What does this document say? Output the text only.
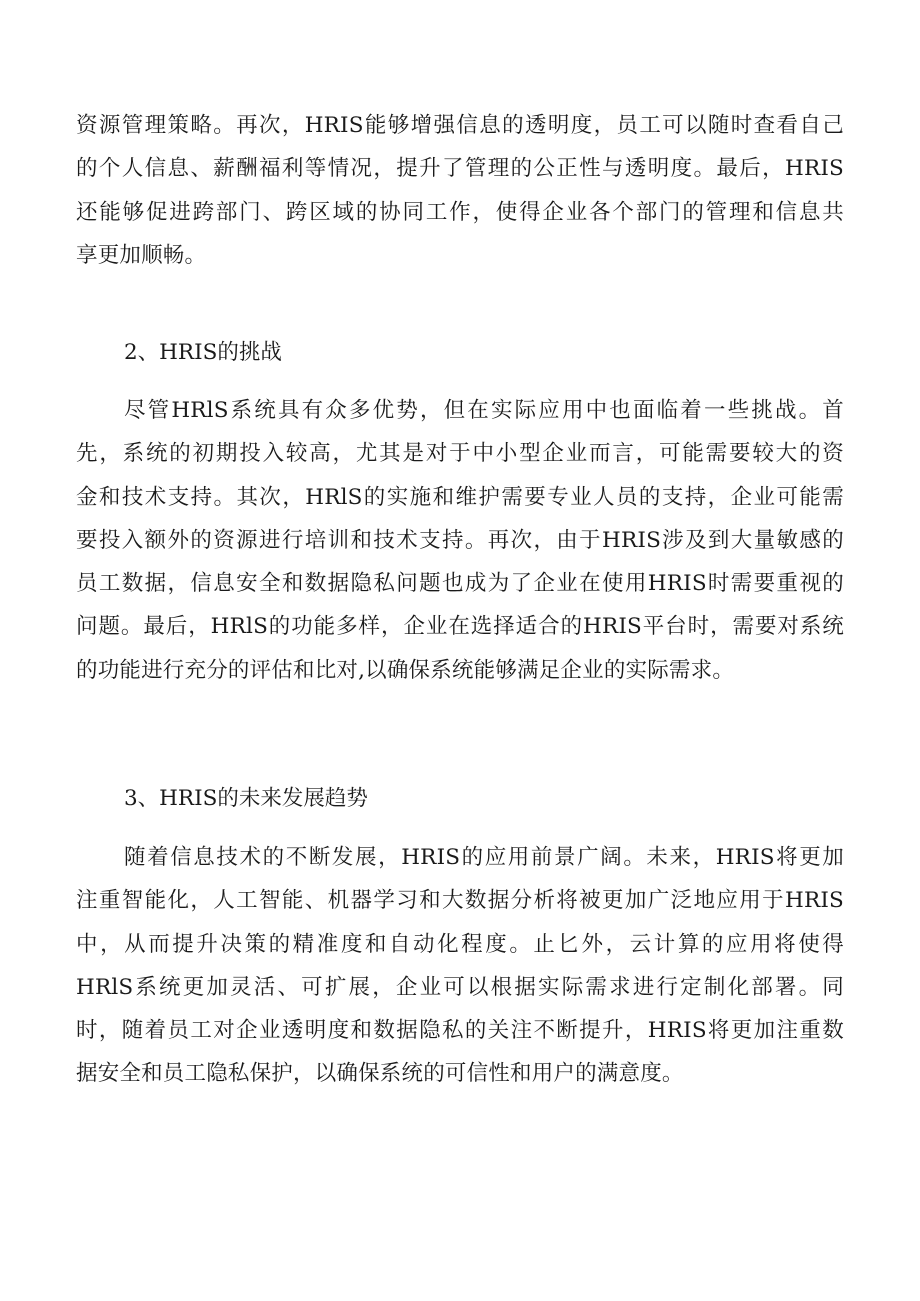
资源管理策略。再次，HRIS能够增强信息的透明度，员工可以随时查看自己
的个人信息、薪酬福利等情况，提升了管理的公正性与透明度。最后，HRIS
还能够促进跨部门、跨区域的协同工作，使得企业各个部门的管理和信息共
享更加顺畅。
2、HRIS的挑战
尽管HRlS系统具有众多优势，但在实际应用中也面临着一些挑战。首
先，系统的初期投入较高，尤其是对于中小型企业而言，可能需要较大的资
金和技术支持。其次，HRlS的实施和维护需要专业人员的支持，企业可能需
要投入额外的资源进行培训和技术支持。再次，由于HRIS涉及到大量敏感的
员工数据，信息安全和数据隐私问题也成为了企业在使用HRIS时需要重视的
问题。最后，HRlS的功能多样，企业在选择适合的HRIS平台时，需要对系统
的功能进行充分的评估和比对,以确保系统能够满足企业的实际需求。
3、HRIS的未来发展趋势
随着信息技术的不断发展，HRIS的应用前景广阔。未来，HRIS将更加
注重智能化，人工智能、机器学习和大数据分析将被更加广泛地应用于HRIS
中，从而提升决策的精准度和自动化程度。止匕外，云计算的应用将使得
HRlS系统更加灵活、可扩展，企业可以根据实际需求进行定制化部署。同
时，随着员工对企业透明度和数据隐私的关注不断提升，HRIS将更加注重数
据安全和员工隐私保护，以确保系统的可信性和用户的满意度。
